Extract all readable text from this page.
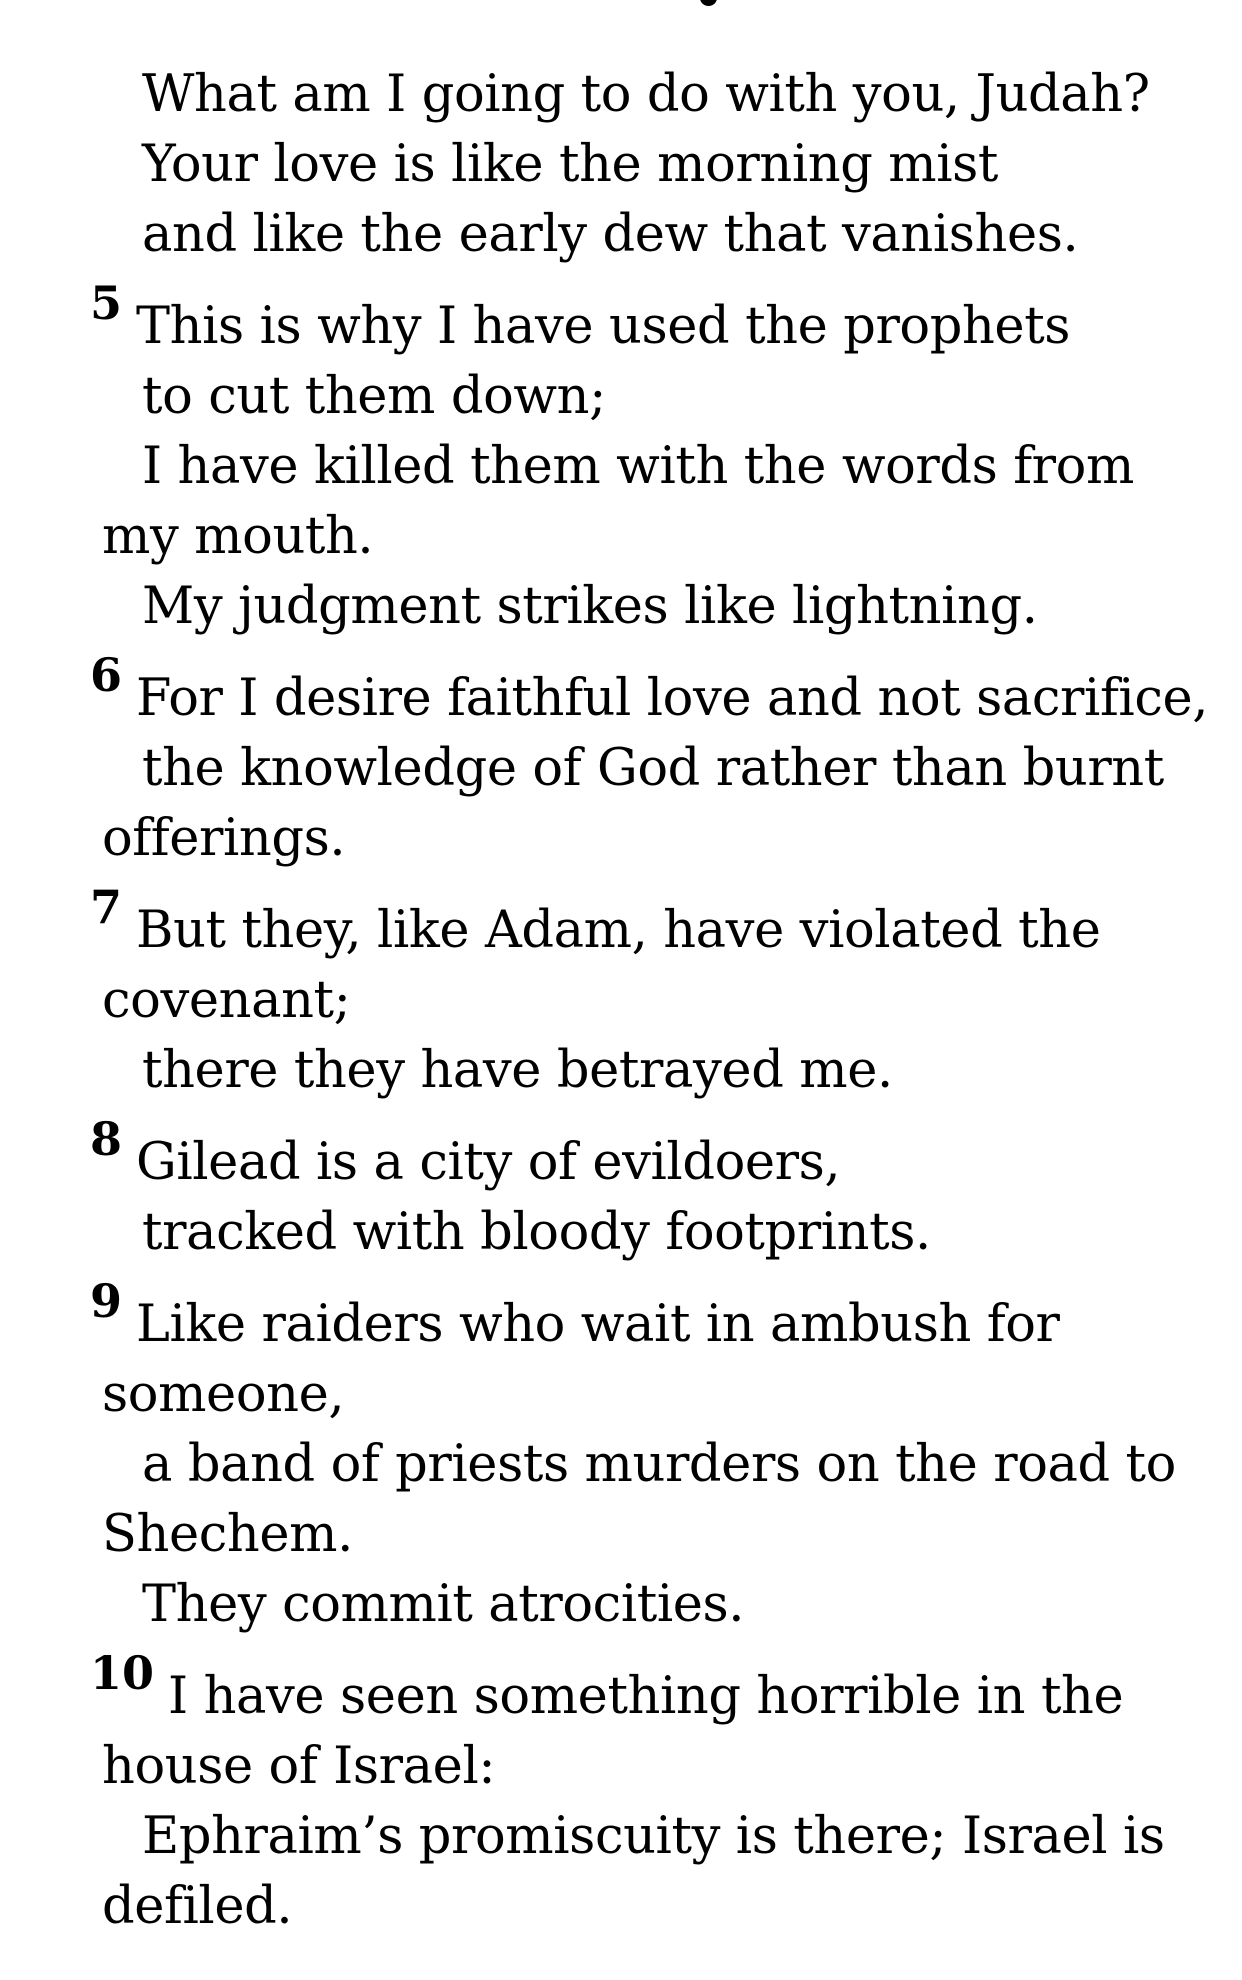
What am I going to do with you, Judah?
Your love is like the morning mist
and like the early dew that vanishes.
5 This is why I have used the prophets
to cut them down;
I have killed them with the words from
my mouth.
My judgment strikes like lightning.
6 For I desire faithful love and not sacrifice,
the knowledge of God rather than burnt
offerings.
7 But they, like Adam, have violated the
covenant;
there they have betrayed me.
8 Gilead is a city of evildoers,
tracked with bloody footprints.
9 Like raiders who wait in ambush for
someone,
a band of priests murders on the road to
Shechem.
They commit atrocities.
10 I have seen something horrible in the
house of Israel:
Ephraim’s promiscuity is there; Israel is
defiled.
